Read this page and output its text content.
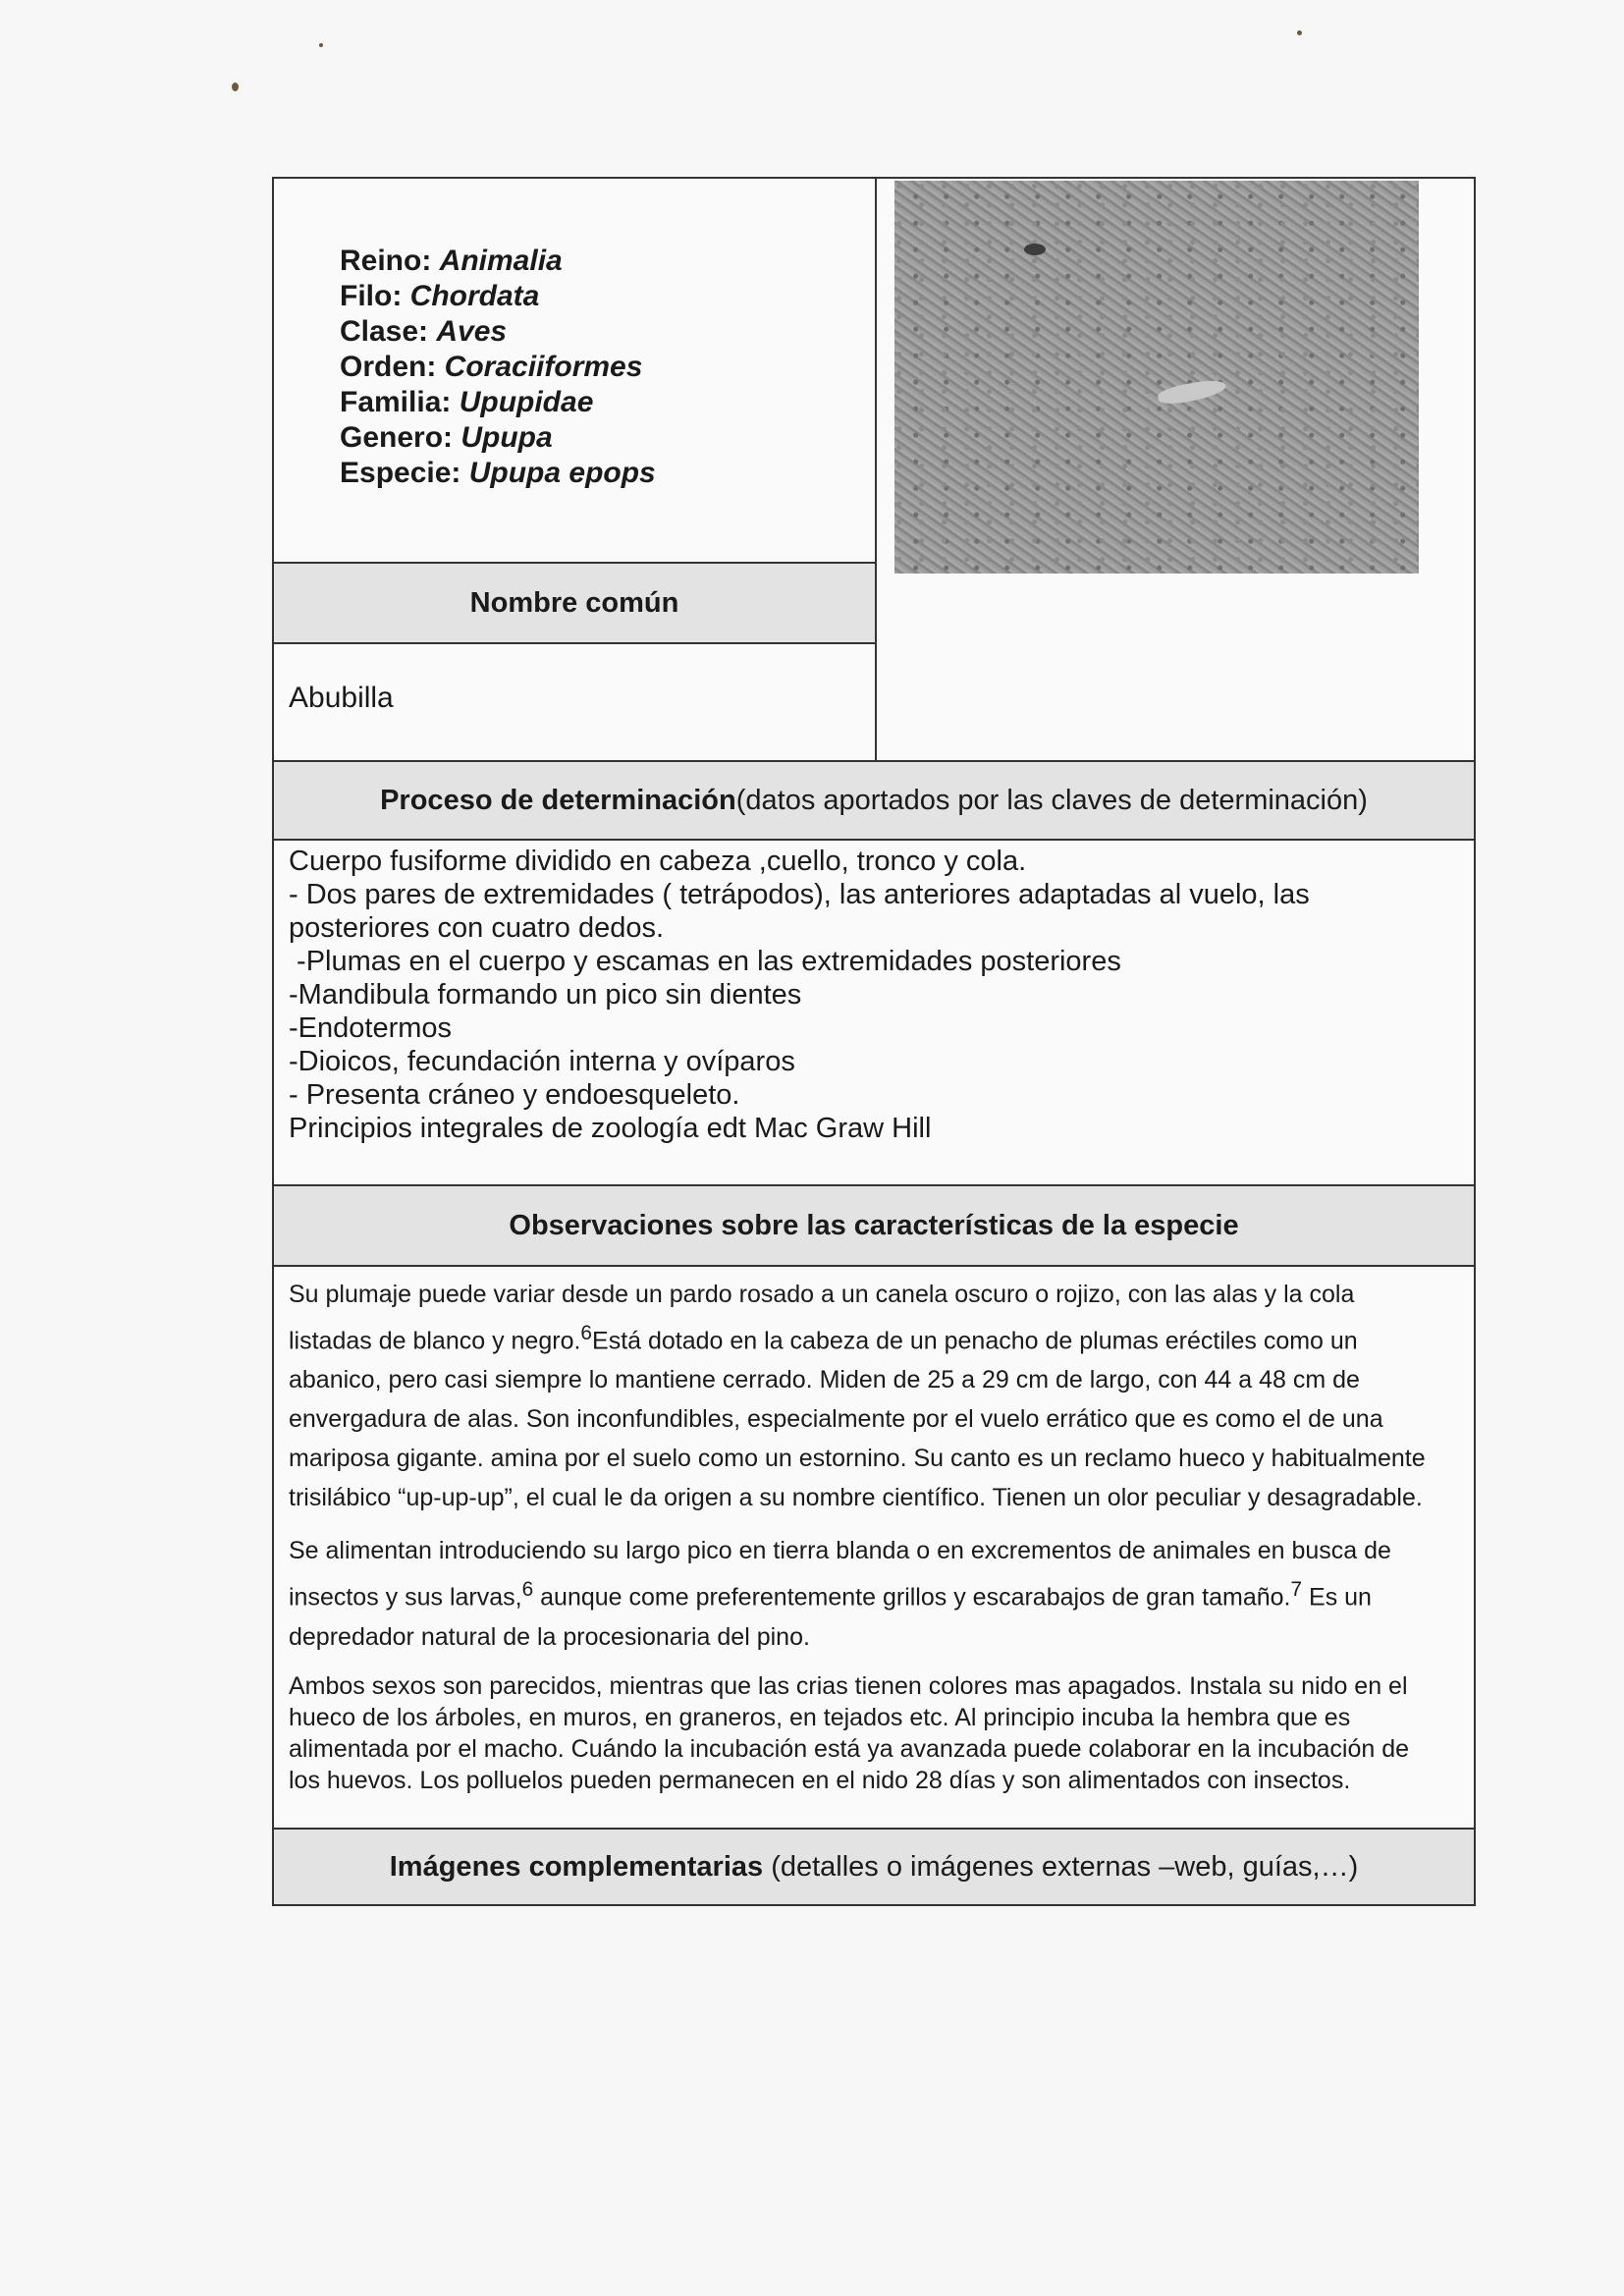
Reino: Animalia
Filo: Chordata
Clase: Aves
Orden: Coraciiformes
Familia: Upupidae
Genero: Upupa
Especie: Upupa epops
Nombre común
Abubilla
Proceso de determinación(datos aportados por las claves de determinación)
Cuerpo fusiforme dividido en cabeza ,cuello, tronco y cola.
- Dos pares de extremidades ( tetrápodos), las anteriores adaptadas al vuelo, las
posteriores con cuatro dedos.
-Plumas en el cuerpo y escamas en las extremidades posteriores
-Mandibula formando un pico sin dientes
-Endotermos
-Dioicos, fecundación interna y ovíparos
- Presenta cráneo y endoesqueleto.
Principios integrales de zoología edt Mac Graw Hill
Observaciones sobre las características de la especie

Su plumaje puede variar desde un pardo rosado a un canela oscuro o rojizo, con las alas y la cola listadas de blanco y negro.$^6$Está dotado en la cabeza de un penacho de plumas eréctiles como un abanico, pero casi siempre lo mantiene cerrado. Miden de 25 a 29 cm de largo, con 44 a 48 cm de envergadura de alas. Son inconfundibles, especialmente por el vuelo errático que es como el de una mariposa gigante. amina por el suelo como un estornino. Su canto es un reclamo hueco y habitualmente trisilábico “up-up-up”, el cual le da origen a su nombre científico. Tienen un olor peculiar y desagradable.

Se alimentan introduciendo su largo pico en tierra blanda o en excrementos de animales en busca de insectos y sus larvas,$^6$ aunque come preferentemente grillos y escarabajos de gran tamaño.$^7$ Es un depredador natural de la procesionaria del pino.

Ambos sexos son parecidos, mientras que las crias tienen colores mas apagados. Instala su nido en el hueco de los árboles, en muros, en graneros, en tejados etc. Al principio incuba la hembra que es alimentada por el macho. Cuándo la incubación está ya avanzada puede colaborar en la incubación de los huevos. Los polluelos pueden permanecen en el nido 28 días y son alimentados con insectos.

Imágenes complementarias (detalles o imágenes externas –web, guías,…)
